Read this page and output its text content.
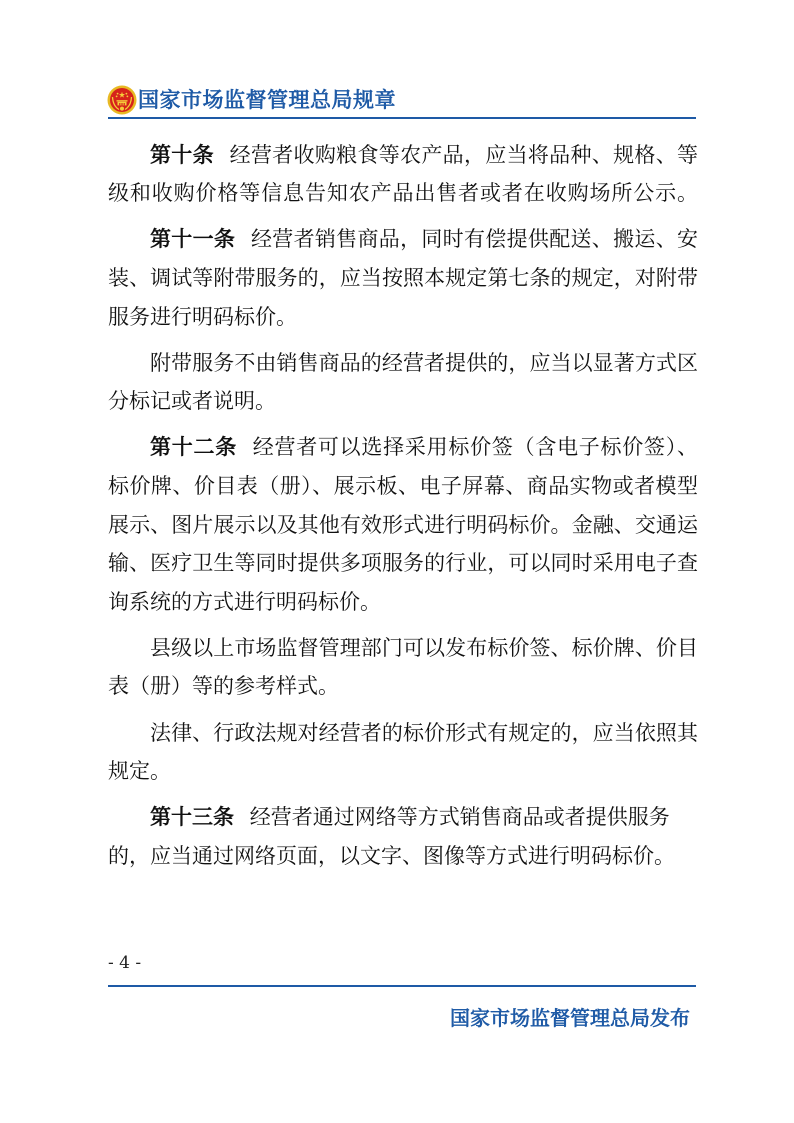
国家市场监督管理总局规章
第十条 经营者收购粮食等农产品，应当将品种、规格、等
级和收购价格等信息告知农产品出售者或者在收购场所公示。
第十一条 经营者销售商品，同时有偿提供配送、搬运、安
装、调试等附带服务的，应当按照本规定第七条的规定，对附带
服务进行明码标价。
附带服务不由销售商品的经营者提供的，应当以显著方式区
分标记或者说明。
第十二条 经营者可以选择采用标价签（含电子标价签）、
标价牌、价目表（册）、展示板、电子屏幕、商品实物或者模型
展示、图片展示以及其他有效形式进行明码标价。金融、交通运
输、医疗卫生等同时提供多项服务的行业，可以同时采用电子查
询系统的方式进行明码标价。
县级以上市场监督管理部门可以发布标价签、标价牌、价目
表（册）等的参考样式。
法律、行政法规对经营者的标价形式有规定的，应当依照其
规定。
第十三条 经营者通过网络等方式销售商品或者提供服务
的，应当通过网络页面，以文字、图像等方式进行明码标价。
- 4 -
国家市场监督管理总局发布
